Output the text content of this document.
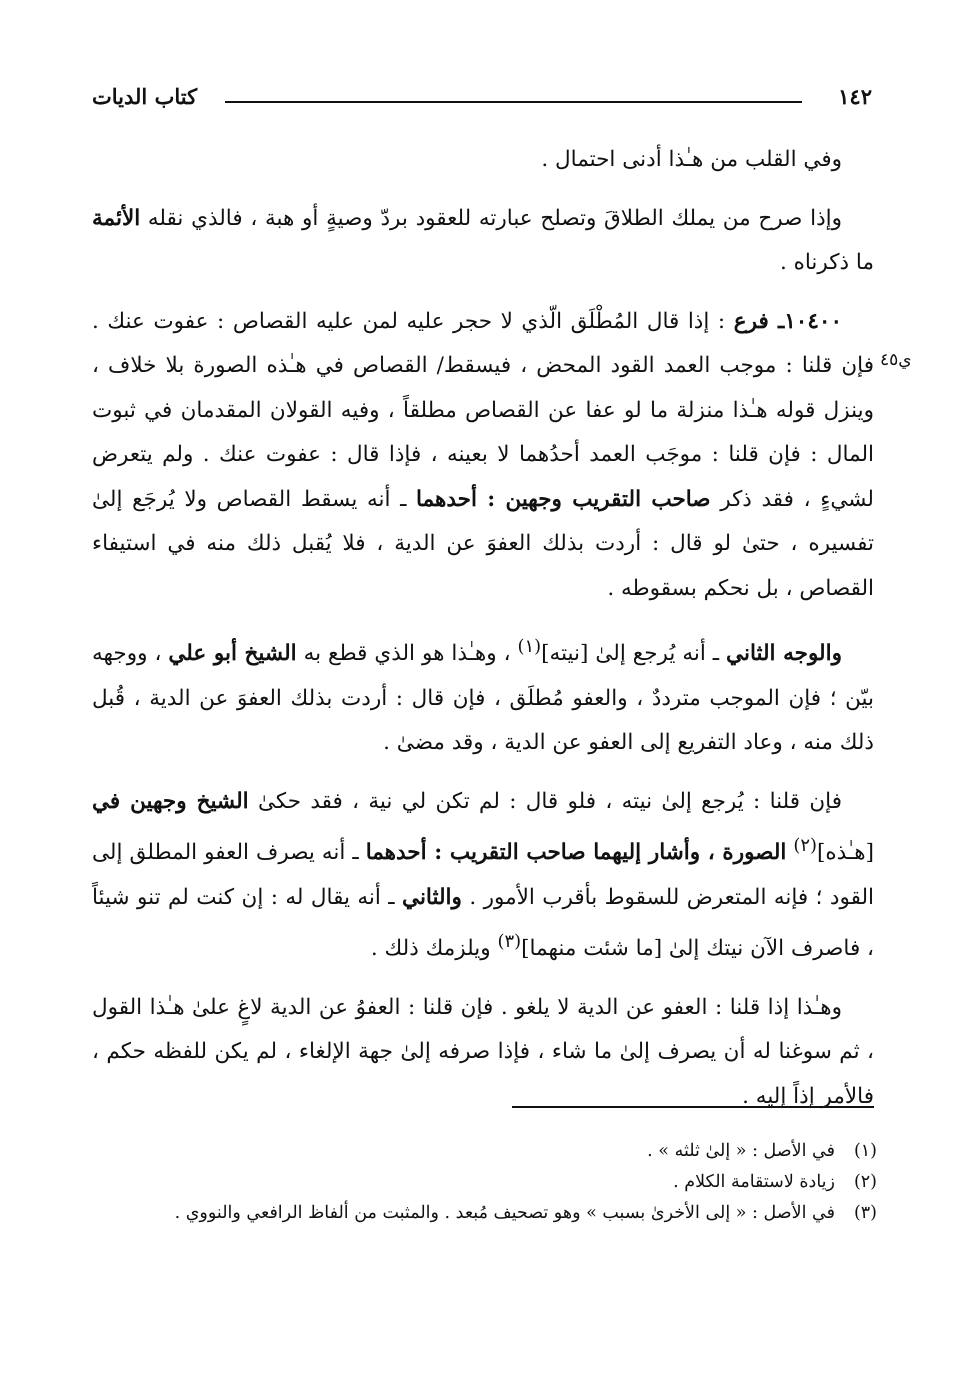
١٤٢
كتاب الديات
ي٤٥

وفي القلب من هـٰذا أدنى احتمال .

وإذا صرح من يملك الطلاقَ وتصلح عبارته للعقود بردّ وصيةٍ أو هبة ، فالذي نقله الأئمة ما ذكرناه .

١٠٤٠٠ـ فرع : إذا قال المُطْلَق الّذي لا حجر عليه لمن عليه القصاص : عفوت عنك . فإن قلنا : موجب العمد القود المحض ، فيسقط/ القصاص في هـٰذه الصورة بلا خلاف ، وينزل قوله هـٰذا منزلة ما لو عفا عن القصاص مطلقاً ، وفيه القولان المقدمان في ثبوت المال : فإن قلنا : موجَب العمد أحدُهما لا بعينه ، فإذا قال : عفوت عنك . ولم يتعرض لشيءٍ ، فقد ذكر صاحب التقريب وجهين : أحدهما ـ أنه يسقط القصاص ولا يُرجَع إلىٰ تفسيره ، حتىٰ لو قال : أردت بذلك العفوَ عن الدية ، فلا يُقبل ذلك منه في استيفاء القصاص ، بل نحكم بسقوطه .

والوجه الثاني ـ أنه يُرجع إلىٰ [نيته]$^{(١)}$ ، وهـٰذا هو الذي قطع به الشيخ أبو علي ، ووجهه بيّن ؛ فإن الموجب مترددٌ ، والعفو مُطلَق ، فإن قال : أردت بذلك العفوَ عن الدية ، قُبل ذلك منه ، وعاد التفريع إلى العفو عن الدية ، وقد مضىٰ .

فإن قلنا : يُرجع إلىٰ نيته ، فلو قال : لم تكن لي نية ، فقد حكىٰ الشيخ وجهين في [هـٰذه]$^{(٢)}$ الصورة ، وأشار إليهما صاحب التقريب : أحدهما ـ أنه يصرف العفو المطلق إلى القود ؛ فإنه المتعرض للسقوط بأقرب الأمور . والثاني ـ أنه يقال له : إن كنت لم تنو شيئاً ، فاصرف الآن نيتك إلىٰ [ما شئت منهما]$^{(٣)}$ ويلزمك ذلك .

وهـٰذا إذا قلنا : العفو عن الدية لا يلغو . فإن قلنا : العفوُ عن الدية لاغٍ علىٰ هـٰذا القول ، ثم سوغنا له أن يصرف إلىٰ ما شاء ، فإذا صرفه إلىٰ جهة الإلغاء ، لم يكن للفظه حكم ، فالأمر إذاً إليه .

(١)
في الأصل : « إلىٰ ثلثه » .
(٢)
زيادة لاستقامة الكلام .
(٣)
في الأصل : « إلى الأخرىٰ بسبب » وهو تصحيف مُبعد . والمثبت من ألفاظ الرافعي والنووي .
